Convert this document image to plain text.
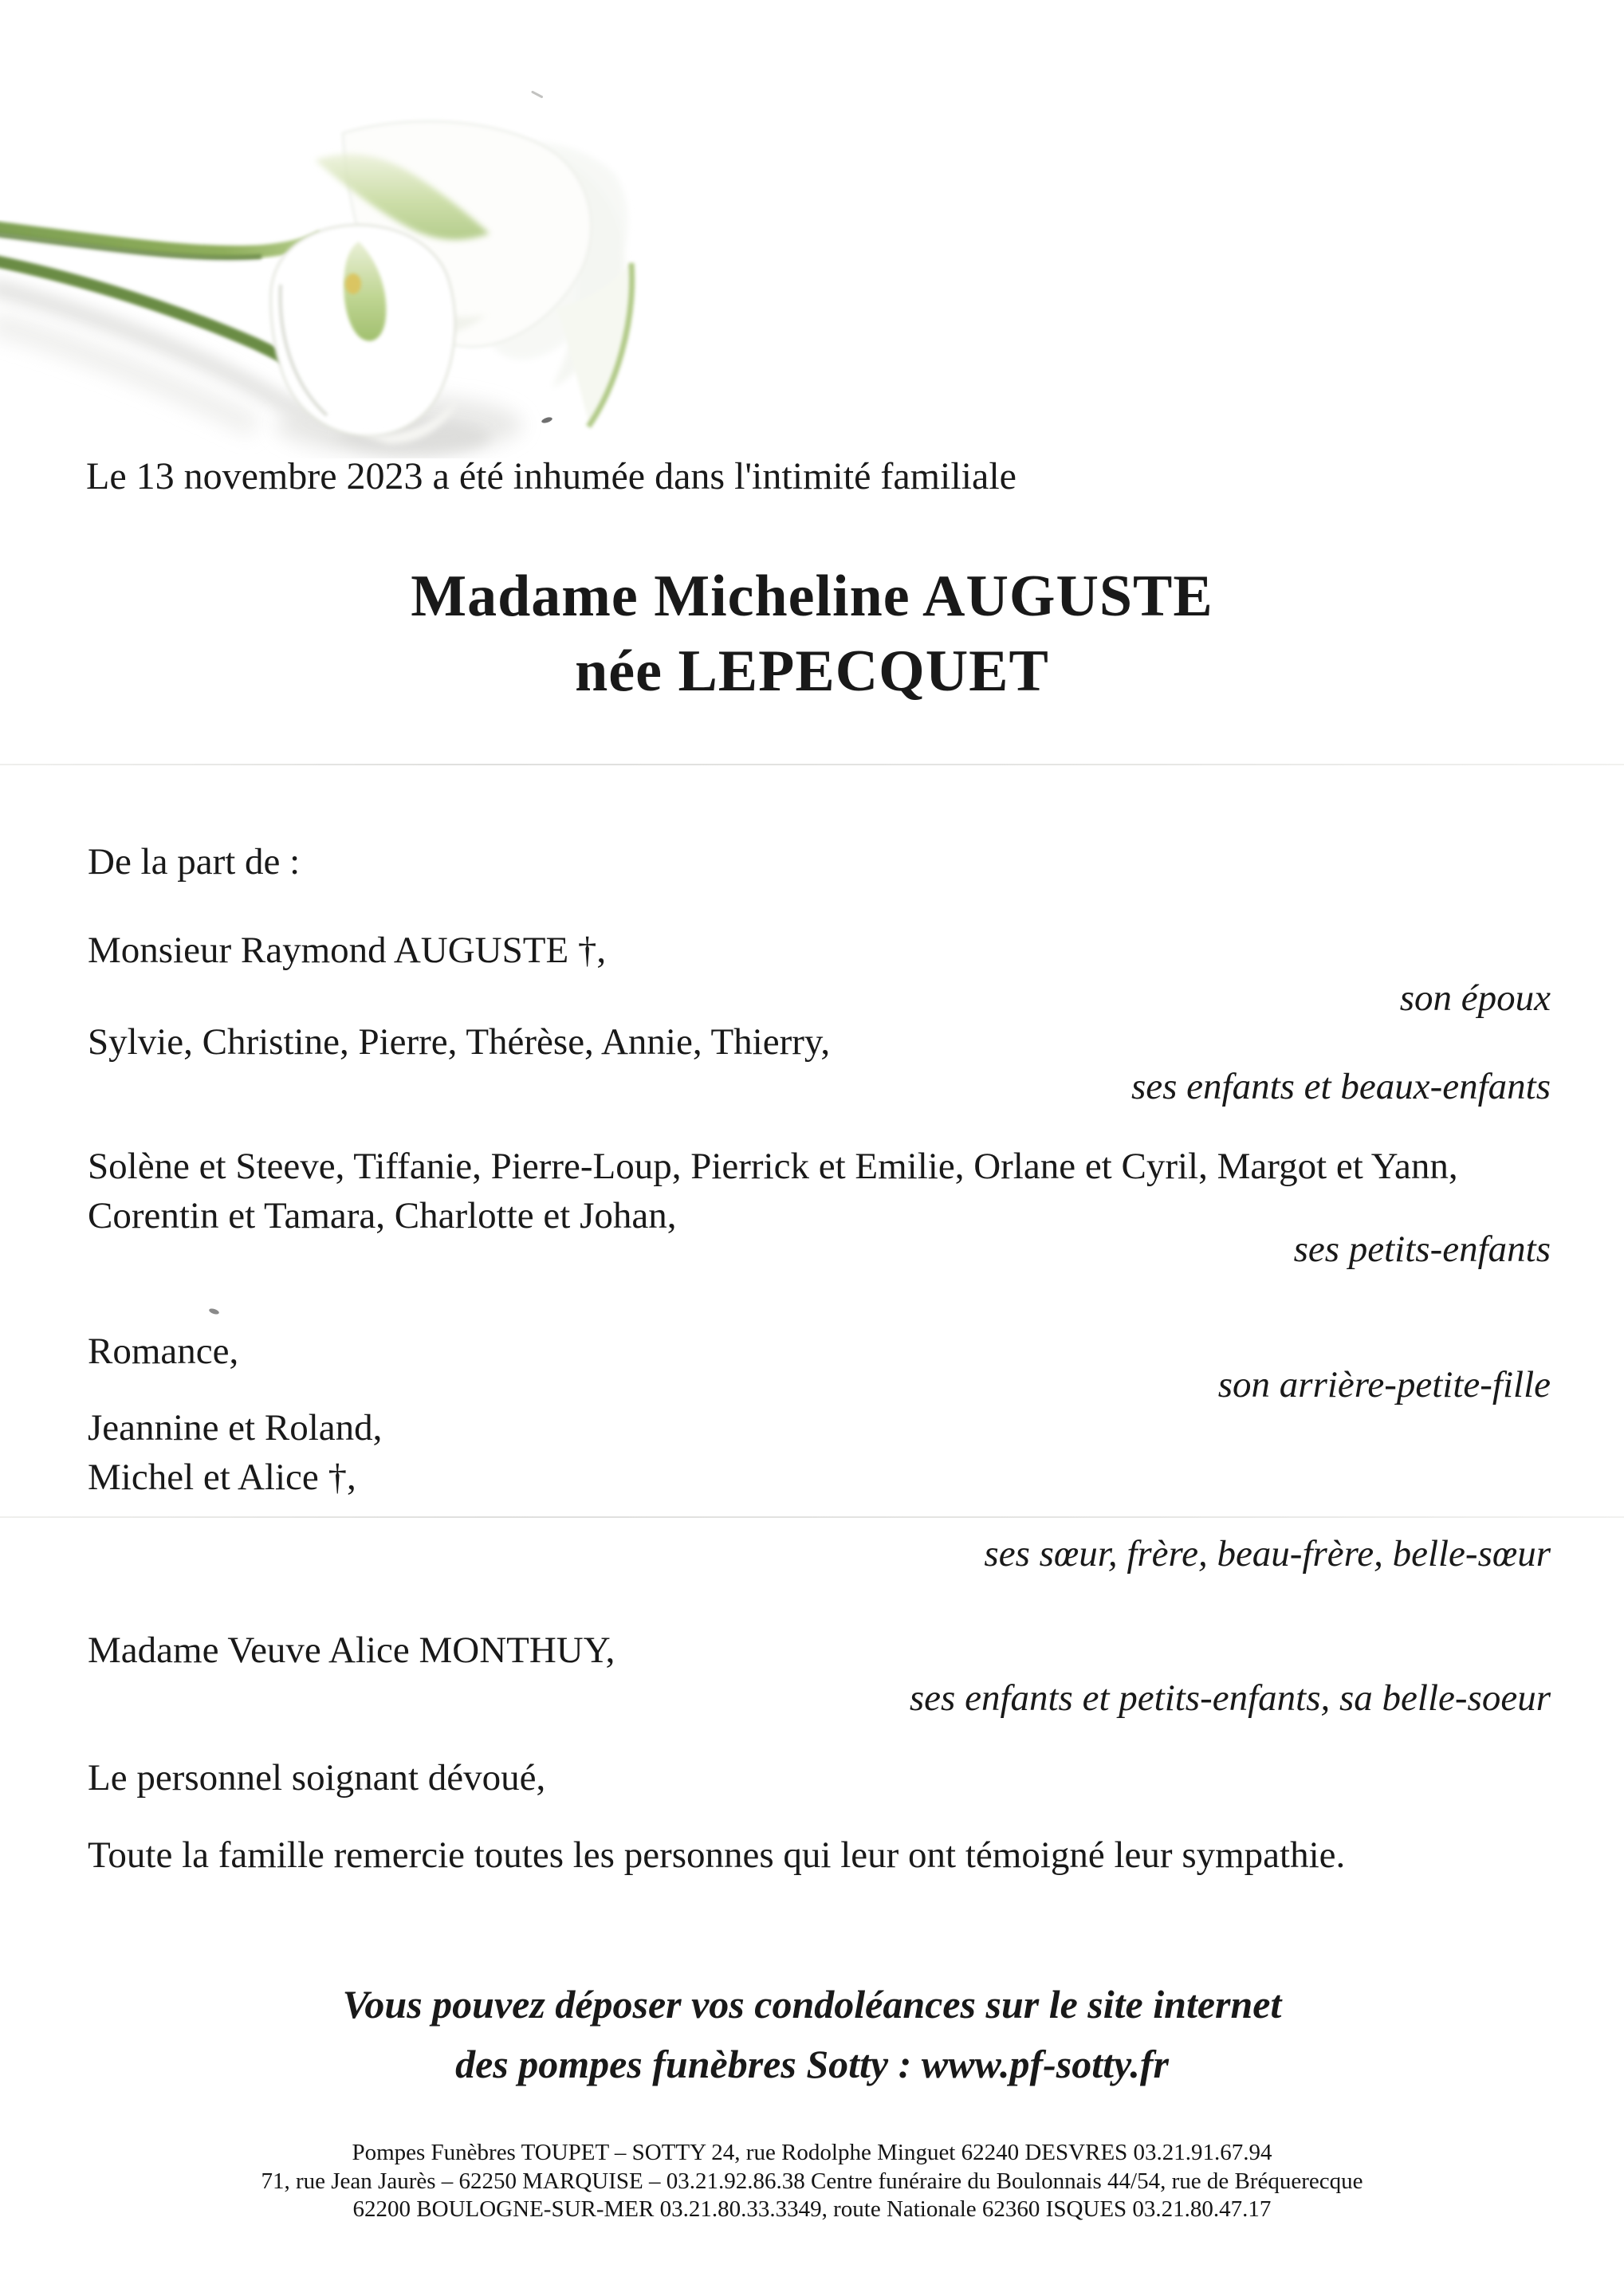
Le 13 novembre 2023 a été inhumée dans l'intimité familiale
Madame Micheline AUGUSTE
née LEPECQUET
De la part de :
Monsieur Raymond AUGUSTE †,
son époux
Sylvie, Christine, Pierre, Thérèse, Annie, Thierry,
ses enfants et beaux-enfants
Solène et Steeve, Tiffanie, Pierre-Loup, Pierrick et Emilie, Orlane et Cyril, Margot et Yann,
Corentin et Tamara, Charlotte et Johan,
ses petits-enfants
Romance,
son arrière-petite-fille
Jeannine et Roland,
Michel et Alice †,
ses sœur, frère, beau-frère, belle-sœur
Madame Veuve Alice MONTHUY,
ses enfants et petits-enfants, sa belle-soeur
Le personnel soignant dévoué,
Toute la famille remercie toutes les personnes qui leur ont témoigné leur sympathie.
Vous pouvez déposer vos condoléances sur le site internet
des pompes funèbres Sotty : www.pf-sotty.fr
Pompes Funèbres TOUPET – SOTTY 24, rue Rodolphe Minguet 62240 DESVRES 03.21.91.67.94
71, rue Jean Jaurès – 62250 MARQUISE – 03.21.92.86.38 Centre funéraire du Boulonnais 44/54, rue de Bréquerecque
62200 BOULOGNE-SUR-MER 03.21.80.33.3349, route Nationale 62360 ISQUES 03.21.80.47.17
